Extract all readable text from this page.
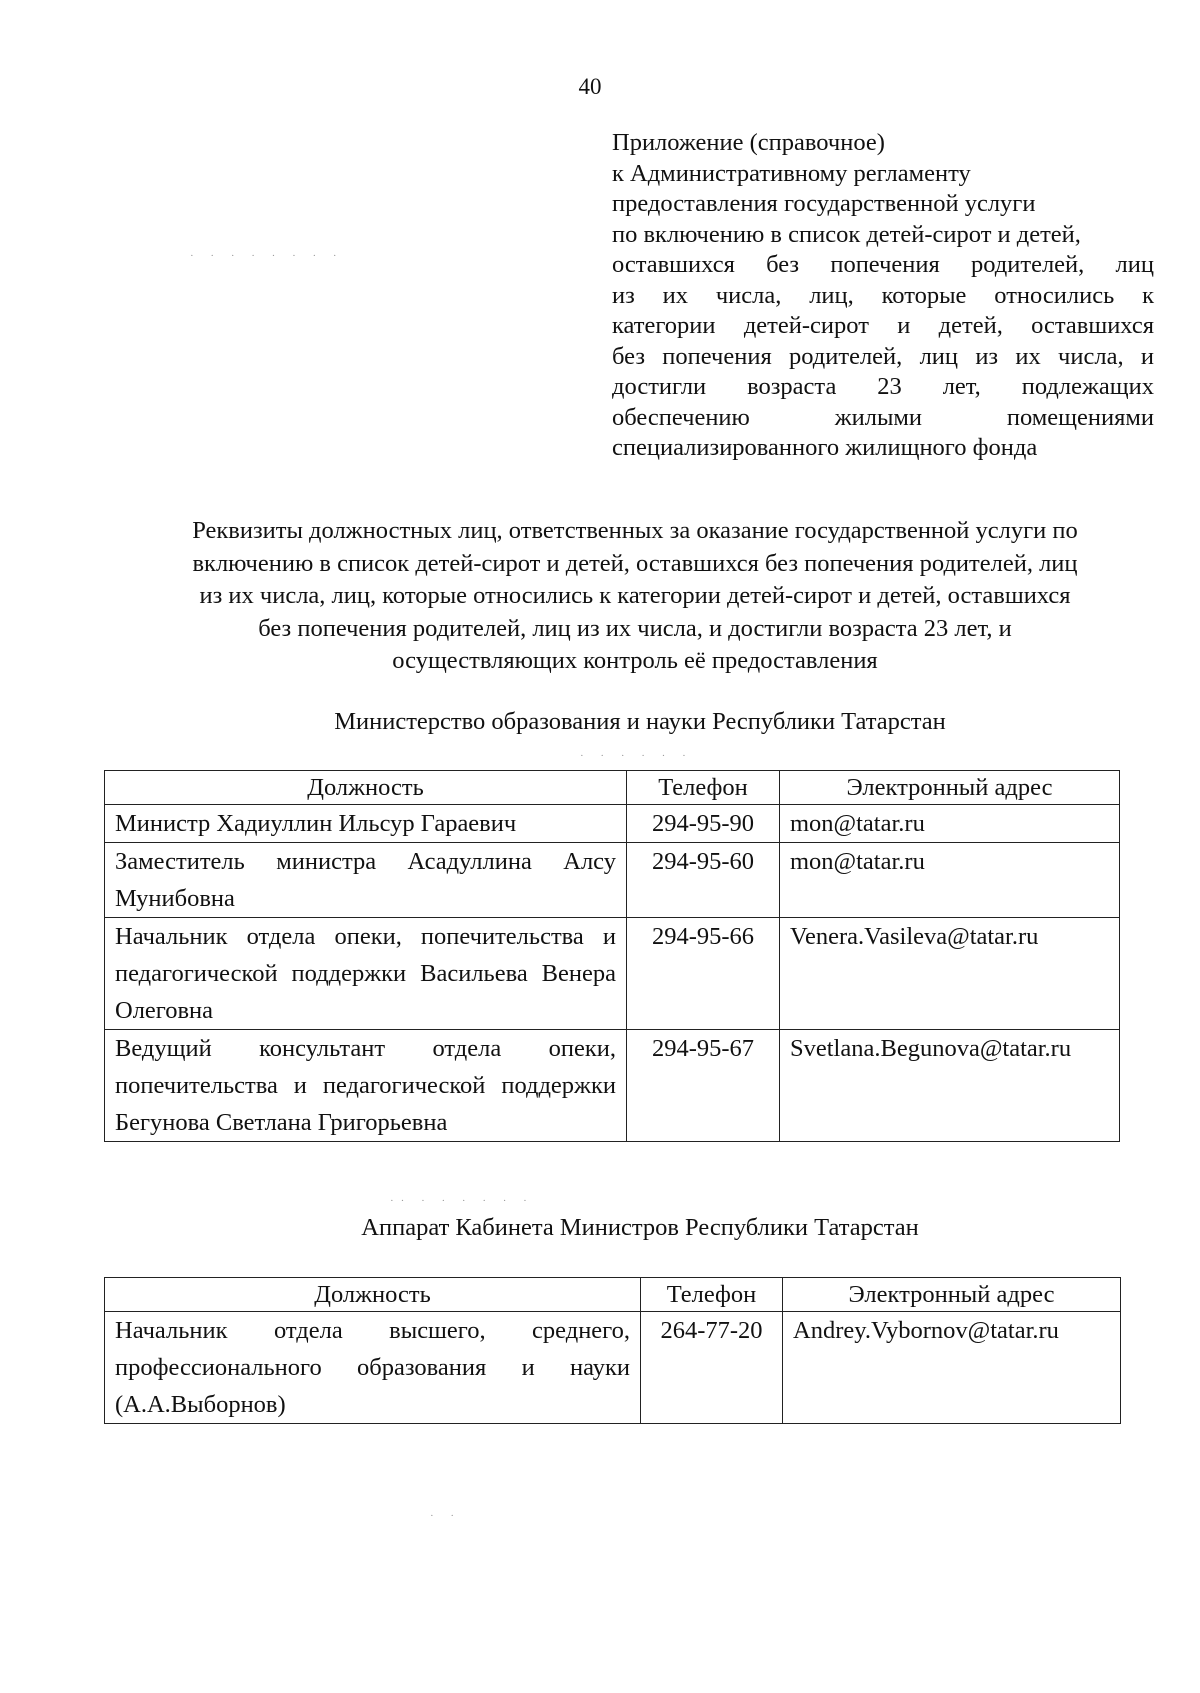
40
Приложение (справочное)
к Административному регламенту
предоставления государственной услуги
по включению в список детей-сирот и детей,
оставшихся без попечения родителей, лиц
из их числа, лиц, которые относились к
категории детей-сирот и детей, оставшихся
без попечения родителей, лиц из их числа, и
достигли возраста 23 лет, подлежащих
обеспечению жилыми помещениями
специализированного жилищного фонда
· · · · · · · ·
Реквизиты должностных лиц, ответственных за оказание государственной услуги по
включению в список детей-сирот и детей, оставшихся без попечения родителей, лиц
из их числа, лиц, которые относились к категории детей-сирот и детей, оставшихся
без попечения родителей, лиц из их числа, и достигли возраста 23 лет, и
осуществляющих контроль её предоставления
Министерство образования и науки Республики Татарстан
· · · · · ·
Должность	Телефон	Электронный адрес
Министр Хадиуллин Ильсур Гараевич	294-95-90	mon@tatar.ru
Заместитель министра Асадуллина Алсу Мунибовна	294-95-60	mon@tatar.ru
Начальник отдела опеки, попечительства и педагогической поддержки Васильева Венера Олеговна	294-95-66	Venera.Vasileva@tatar.ru
Ведущий консультант отдела опеки, попечительства и педагогической поддержки Бегунова Светлана Григорьевна	294-95-67	Svetlana.Begunova@tatar.ru
·· · · · · · ·
Аппарат Кабинета Министров Республики Татарстан
Должность	Телефон	Электронный адрес
Начальник отдела высшего, среднего, профессионального образования и науки (А.А.Выборнов)	264-77-20	Andrey.Vybornov@tatar.ru
· ·
